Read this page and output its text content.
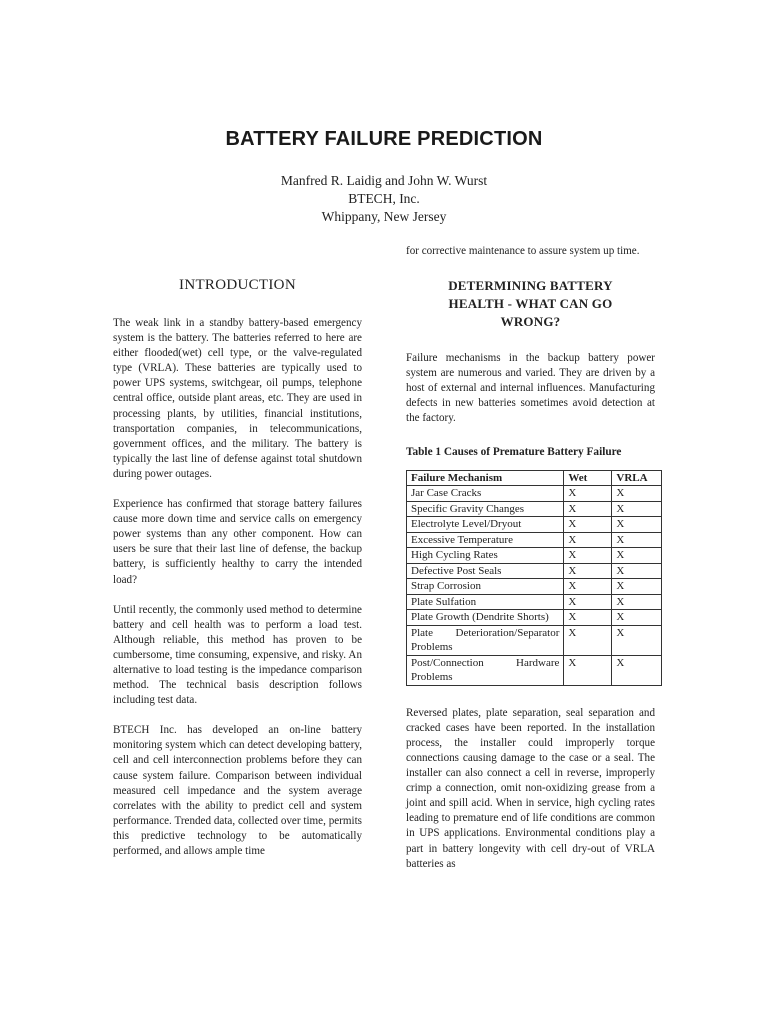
BATTERY FAILURE PREDICTION
Manfred R. Laidig and John W. Wurst
BTECH, Inc.
Whippany, New Jersey
INTRODUCTION

The weak link in a standby battery-based emergency system is the battery. The batteries referred to here are either flooded(wet) cell type, or the valve-regulated type (VRLA). These batteries are typically used to power UPS systems, switchgear, oil pumps, telephone central office, outside plant areas, etc. They are used in processing plants, by utilities, financial institutions, transportation companies, in telecommunications, government offices, and the military. The battery is typically the last line of defense against total shutdown during power outages.

Experience has confirmed that storage battery failures cause more down time and service calls on emergency power systems than any other component. How can users be sure that their last line of defense, the backup battery, is sufficiently healthy to carry the intended load?

Until recently, the commonly used method to determine battery and cell health was to perform a load test. Although reliable, this method has proven to be cumbersome, time consuming, expensive, and risky. An alternative to load testing is the impedance comparison method. The technical basis description follows including test data.

BTECH Inc. has developed an on-line battery monitoring system which can detect developing battery, cell and cell interconnection problems before they can cause system failure. Comparison between individual measured cell impedance and the system average correlates with the ability to predict cell and system performance. Trended data, collected over time, permits this predictive technology to be automatically performed, and allows ample time

for corrective maintenance to assure system up time.

DETERMINING BATTERY
HEALTH - WHAT CAN GO
WRONG?

Failure mechanisms in the backup battery power system are numerous and varied. They are driven by a host of external and internal influences. Manufacturing defects in new batteries sometimes avoid detection at the factory.

Table 1 Causes of Premature Battery Failure
Failure Mechanism	Wet	VRLA
Jar Case Cracks	X	X
Specific Gravity Changes	X	X
Electrolyte Level/Dryout	X	X
Excessive Temperature	X	X
High Cycling Rates	X	X
Defective Post Seals	X	X
Strap Corrosion	X	X
Plate Sulfation	X	X
Plate Growth (Dendrite Shorts)	X	X
Plate Deterioration/Separator Problems	X	X
Post/Connection Hardware Problems	X	X

Reversed plates, plate separation, seal separation and cracked cases have been reported. In the installation process, the installer could improperly torque connections causing damage to the case or a seal. The installer can also connect a cell in reverse, improperly crimp a connection, omit non-oxidizing grease from a joint and spill acid. When in service, high cycling rates leading to premature end of life conditions are common in UPS applications. Environmental conditions play a part in battery longevity with cell dry-out of VRLA batteries as
